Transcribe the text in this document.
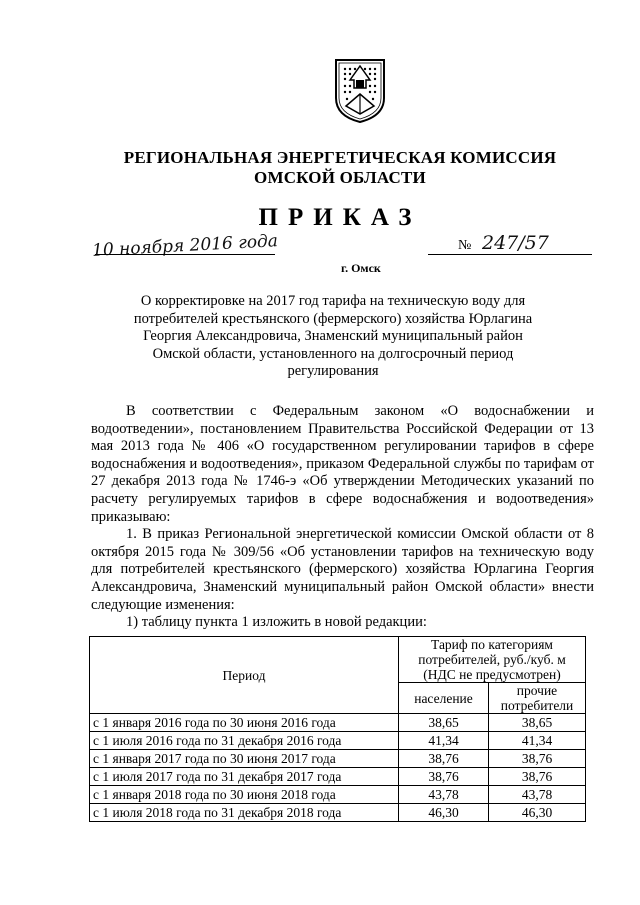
РЕГИОНАЛЬНАЯ ЭНЕРГЕТИЧЕСКАЯ КОМИССИЯ
ОМСКОЙ ОБЛАСТИ
ПРИКАЗ
10 ноября 2016 года
г. Омск
№ 247/57
О корректировке на 2017 год тарифа на техническую воду для потребителей крестьянского (фермерского) хозяйства Юрлагина Георгия Александровича, Знаменский муниципальный район Омской области, установленного на долгосрочный период регулирования

В соответствии с Федеральным законом «О водоснабжении и водоотведении», постановлением Правительства Российской Федерации от 13 мая 2013 года № 406 «О государственном регулировании тарифов в сфере водоснабжения и водоотведения», приказом Федеральной службы по тарифам от 27 декабря 2013 года № 1746-э «Об утверждении Методических указаний по расчету регулируемых тарифов в сфере водоснабжения и водоотведения» приказываю:

1. В приказ Региональной энергетической комиссии Омской области от 8 октября 2015 года № 309/56 «Об установлении тарифов на техническую воду для потребителей крестьянского (фермерского) хозяйства Юрлагина Георгия Александровича, Знаменский муниципальный район Омской области» внести следующие изменения:

1) таблицу пункта 1 изложить в новой редакции:

Период	Тариф по категориям потребителей, руб./куб. м (НДС не предусмотрен)	
	население	прочие потребители
с 1 января 2016 года по 30 июня 2016 года	38,65	38,65
с 1 июля 2016 года по 31 декабря 2016 года	41,34	41,34
с 1 января 2017 года по 30 июня 2017 года	38,76	38,76
с 1 июля 2017 года по 31 декабря 2017 года	38,76	38,76
с 1 января 2018 года по 30 июня 2018 года	43,78	43,78
с 1 июля 2018 года по 31 декабря 2018 года	46,30	46,30
